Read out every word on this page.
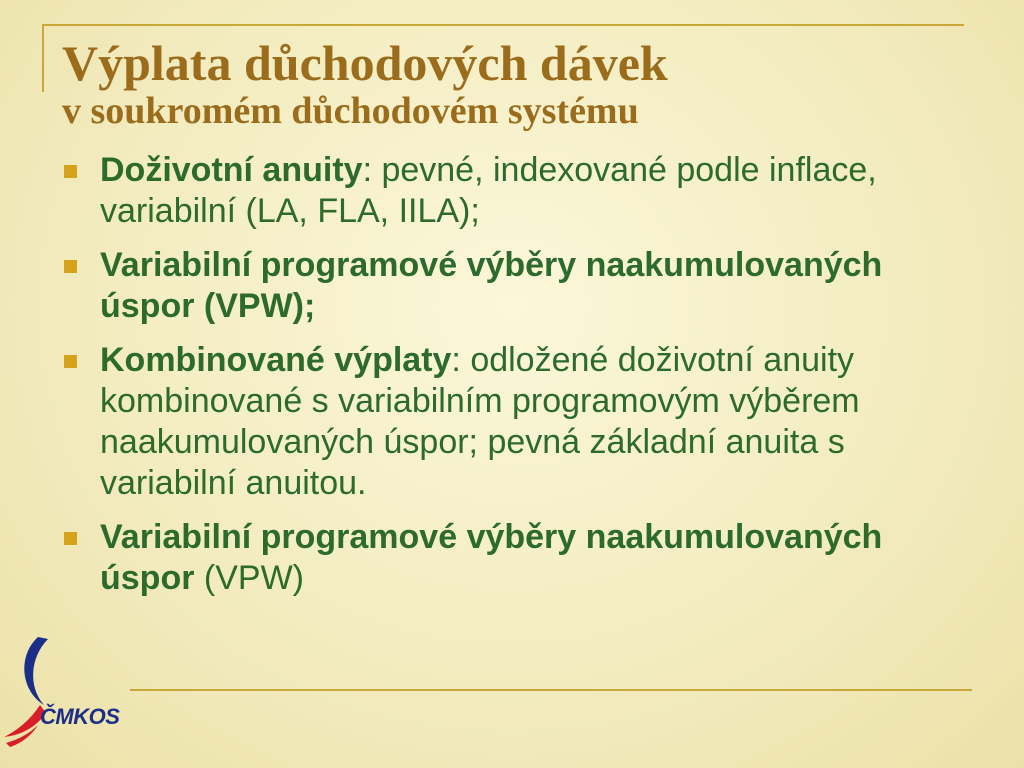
Výplata důchodových dávek
v soukromém důchodovém systému
Doživotní anuity: pevné, indexované podle inflace, variabilní (LA, FLA, IILA);
Variabilní programové výběry naakumulovaných úspor (VPW);
Kombinované výplaty: odložené doživotní anuity kombinované s variabilním programovým výběrem naakumulovaných úspor; pevná základní anuita s variabilní anuitou.
Variabilní programové výběry naakumulovaných úspor (VPW)
ČMKOS
